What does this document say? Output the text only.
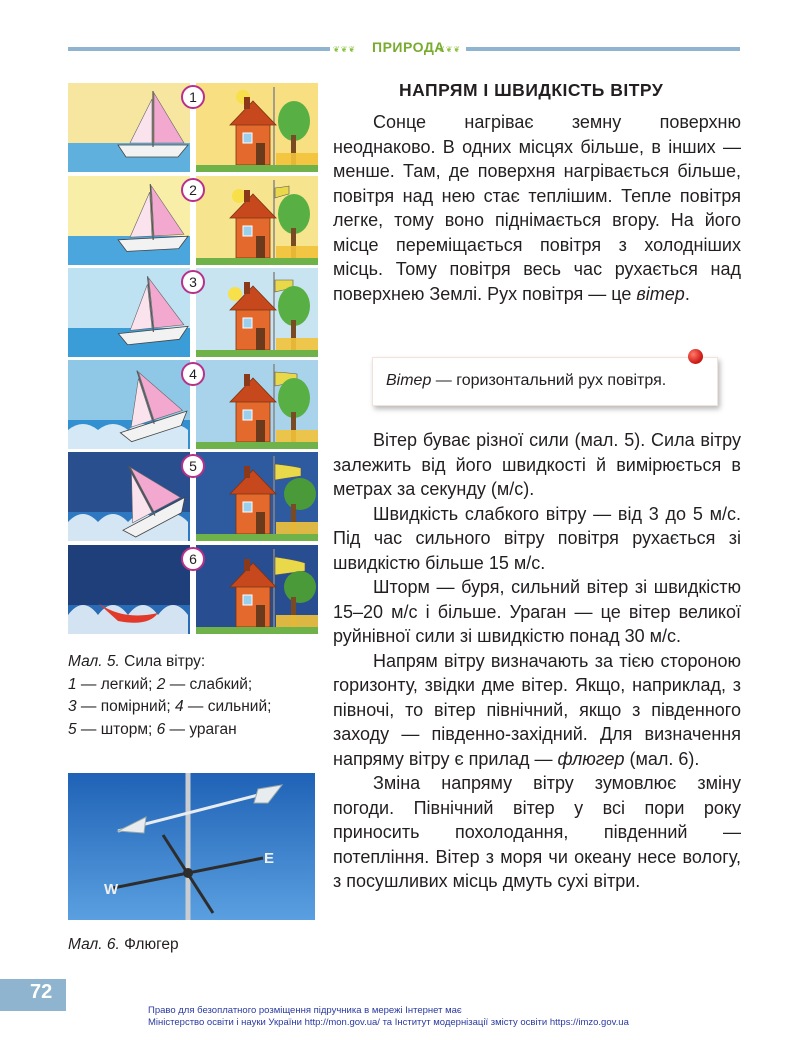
❦❦❦	❦❦❦
ПРИРОДА
1
2
3
4
5
6
Мал. 5. Сила вітру:
1 — легкий; 2 — слабкий;
3 — помірний; 4 — сильний;
5 — шторм; 6 — ураган
W
E
Мал. 6. Флюгер
НАПРЯМ І ШВИДКІСТЬ ВІТРУ

Сонце нагріває земну поверхню неоднаково. В одних місцях більше, в інших — менше. Там, де поверхня нагрівається більше, повітря над нею стає теплішим. Тепле повітря легке, тому воно піднімається вгору. На його місце переміщається повітря з холодніших місць. Тому повітря весь час рухається над поверхнею Землі. Рух повітря — це вітер.

Вітер — горизонтальний рух повітря.

Вітер буває різної сили (мал. 5). Сила вітру залежить від його швидкості й вимірюється в метрах за секунду (м/с).

Швидкість слабкого вітру — від 3 до 5 м/с. Під час сильного вітру повітря рухається зі швидкістю більше 15 м/с.

Шторм — буря, сильний вітер зі швидкістю 15–20 м/с і більше. Ураган — це вітер великої руйнівної сили зі швидкістю понад 30 м/с.

Напрям вітру визначають за тією стороною горизонту, звідки дме вітер. Якщо, наприклад, з півночі, то вітер північний, якщо з південного заходу — південно-західний. Для визначення напряму вітру є прилад — флюгер (мал. 6).

Зміна напряму вітру зумовлює зміну погоди. Північний вітер у всі пори року приносить похолодання, південний — потепління. Вітер з моря чи океану несе вологу, з посушливих місць дмуть сухі вітри.

72
Право для безоплатного розміщення підручника в мережі Інтернет має
Міністерство освіти і науки України http://mon.gov.ua/ та Інститут модернізації змісту освіти https://imzo.gov.ua
